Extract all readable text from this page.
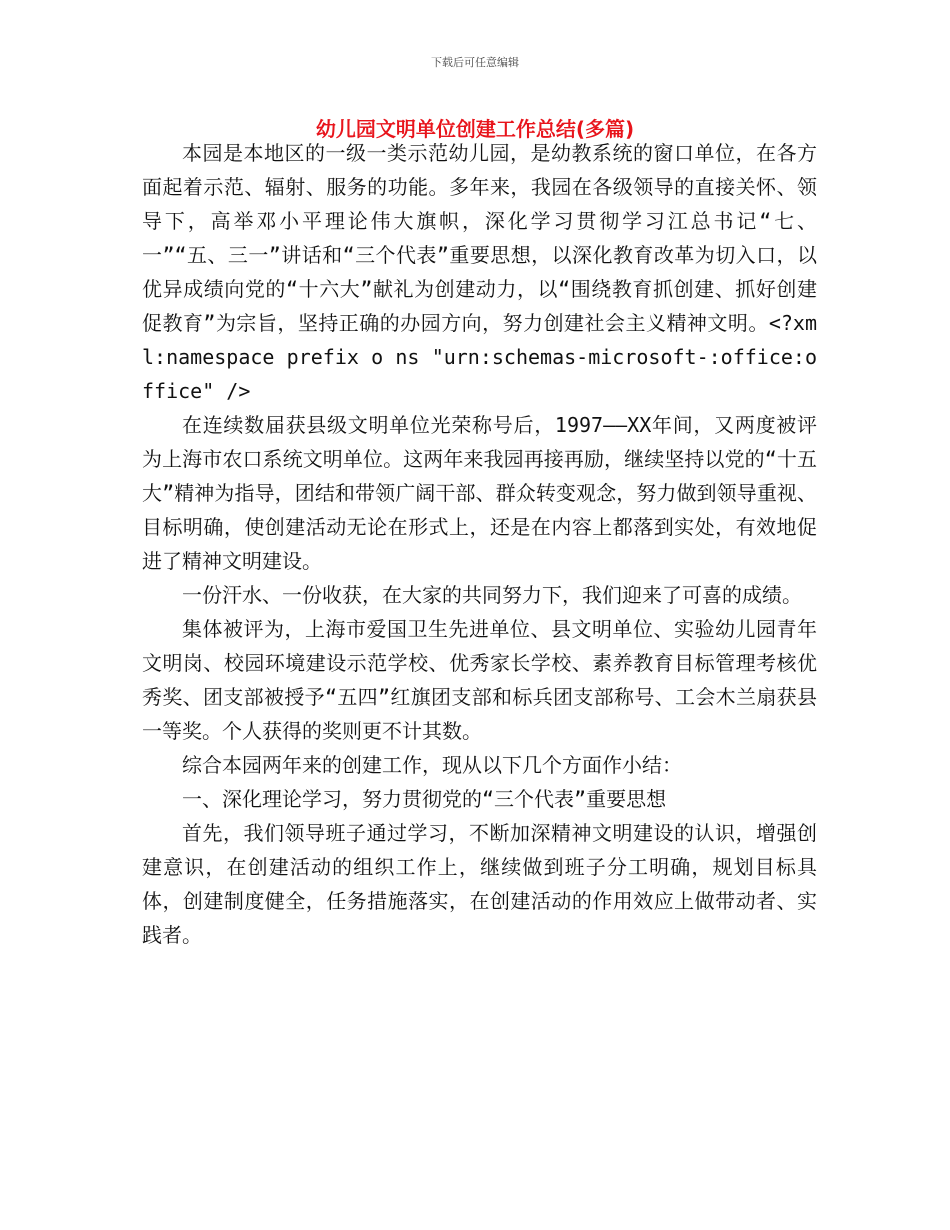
下载后可任意编辑
幼儿园文明单位创建工作总结(多篇)

本园是本地区的一级一类示范幼儿园，是幼教系统的窗口单位，在各方面起着示范、辐射、服务的功能。多年来，我园在各级领导的直接关怀、领导下，高举邓小平理论伟大旗帜，深化学习贯彻学习江总书记“七、一”“五、三一”讲话和“三个代表”重要思想，以深化教育改革为切入口，以优异成绩向党的“十六大”献礼为创建动力，以“围绕教育抓创建、抓好创建促教育”为宗旨，坚持正确的办园方向，努力创建社会主义精神文明。<?xml:namespace prefix o ns "urn:schemas-microsoft-:office:office" />

在连续数届获县级文明单位光荣称号后，1997——XX年间，又两度被评为上海市农口系统文明单位。这两年来我园再接再励，继续坚持以党的“十五大”精神为指导，团结和带领广阔干部、群众转变观念，努力做到领导重视、目标明确，使创建活动无论在形式上，还是在内容上都落到实处，有效地促进了精神文明建设。

一份汗水、一份收获，在大家的共同努力下，我们迎来了可喜的成绩。

集体被评为，上海市爱国卫生先进单位、县文明单位、实验幼儿园青年文明岗、校园环境建设示范学校、优秀家长学校、素养教育目标管理考核优秀奖、团支部被授予“五四”红旗团支部和标兵团支部称号、工会木兰扇获县一等奖。个人获得的奖则更不计其数。

综合本园两年来的创建工作，现从以下几个方面作小结：

一、深化理论学习，努力贯彻党的“三个代表”重要思想

首先，我们领导班子通过学习，不断加深精神文明建设的认识，增强创建意识，在创建活动的组织工作上，继续做到班子分工明确，规划目标具体，创建制度健全，任务措施落实，在创建活动的作用效应上做带动者、实践者。
